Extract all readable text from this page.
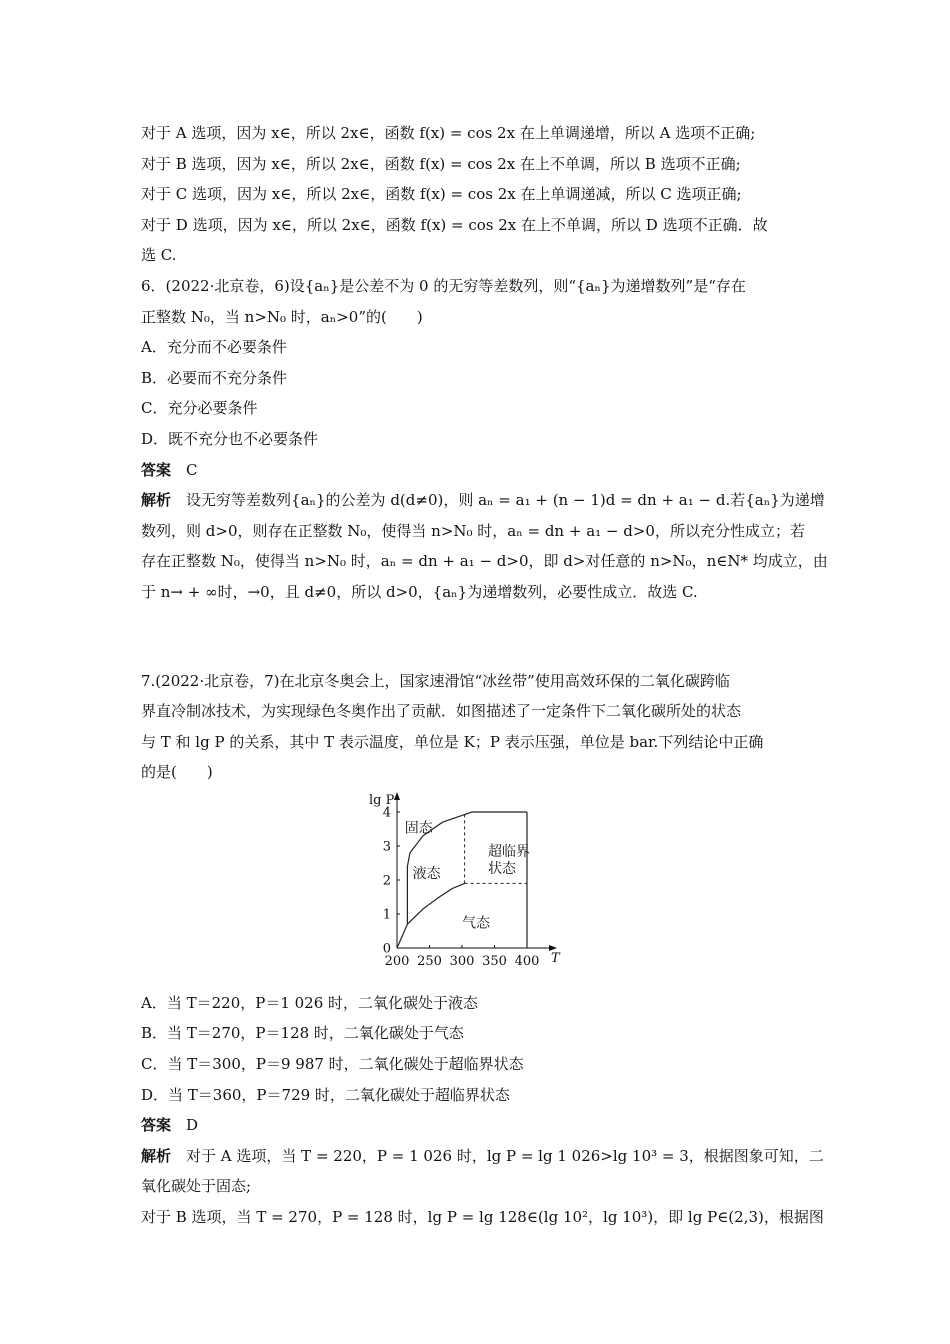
对于 A 选项，因为 x∈，所以 2x∈，函数 f(x) = cos 2x 在上单调递增，所以 A 选项不正确;
对于 B 选项，因为 x∈，所以 2x∈，函数 f(x) = cos 2x 在上不单调，所以 B 选项不正确;
对于 C 选项，因为 x∈，所以 2x∈，函数 f(x) = cos 2x 在上单调递减，所以 C 选项正确;
对于 D 选项，因为 x∈，所以 2x∈，函数 f(x) = cos 2x 在上不单调，所以 D 选项不正确．故
选 C.
6．(2022·北京卷，6)设{aₙ}是公差不为 0 的无穷等差数列，则“{aₙ}为递增数列”是“存在
正整数 N₀，当 n>N₀ 时，aₙ>0”的(　　)
A．充分而不必要条件
B．必要而不充分条件
C．充分必要条件
D．既不充分也不必要条件
答案　 C
解析　 设无穷等差数列{aₙ}的公差为 d(d≠0)，则 aₙ = a₁ + (n − 1)d = dn + a₁ − d.若{aₙ}为递增
数列，则 d>0，则存在正整数 N₀，使得当 n>N₀ 时，aₙ = dn + a₁ − d>0，所以充分性成立；若
存在正整数 N₀，使得当 n>N₀ 时，aₙ = dn + a₁ − d>0，即 d>对任意的 n>N₀，n∈N* 均成立，由
于 n→ + ∞时，→0，且 d≠0，所以 d>0，{aₙ}为递增数列，必要性成立．故选 C.
7.(2022·北京卷，7)在北京冬奥会上，国家速滑馆“冰丝带”使用高效环保的二氧化碳跨临
界直冷制冰技术，为实现绿色冬奥作出了贡献．如图描述了一定条件下二氧化碳所处的状态
与 T 和 lg P 的关系，其中 T 表示温度，单位是 K；P 表示压强，单位是 bar.下列结论中正确
的是(　　)
200 250 300 350 400
0
1
2
3
4
lg P
T
固态
液态
超临界
状态
气态
A．当 T＝220，P＝1 026 时，二氧化碳处于液态
B．当 T＝270，P＝128 时，二氧化碳处于气态
C．当 T＝300，P＝9 987 时，二氧化碳处于超临界状态
D．当 T＝360，P＝729 时，二氧化碳处于超临界状态
答案　 D
解析　 对于 A 选项，当 T = 220，P = 1 026 时，lg P = lg 1 026>lg 10³ = 3，根据图象可知，二
氧化碳处于固态;
对于 B 选项，当 T = 270，P = 128 时，lg P = lg 128∈(lg 10²，lg 10³)，即 lg P∈(2,3)，根据图
